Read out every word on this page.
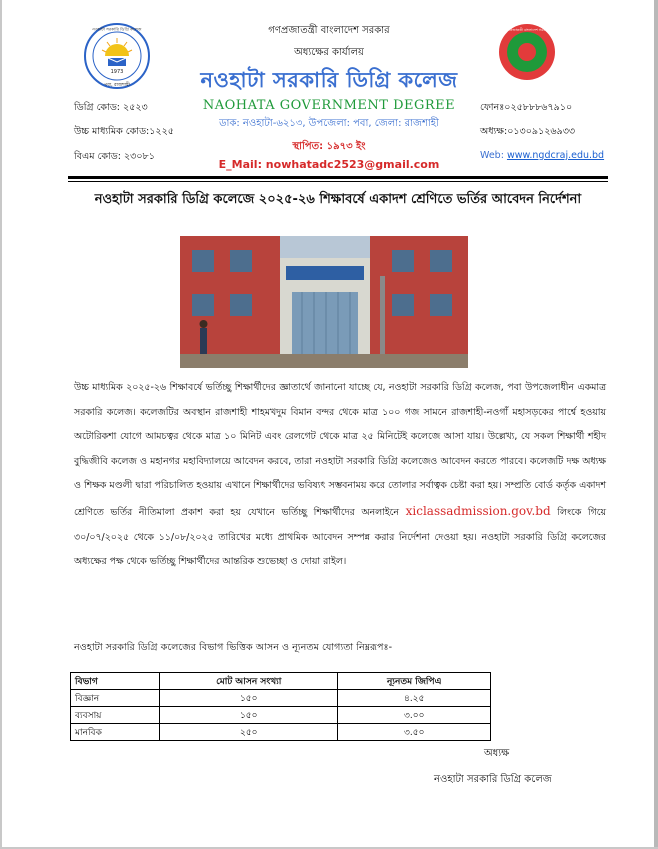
1973
নওহাটা সরকারি ডিগ্রি কলেজ
পবা, রাজশাহী
গণপ্রজাতন্ত্রী বাংলাদেশ সরকার
গণপ্রজাতন্ত্রী বাংলাদেশ সরকার
অধ্যক্ষের কার্যালয়
নওহাটা সরকারি ডিগ্রি কলেজ
NAOHATA GOVERNMENT DEGREE
ডাক: নওহাটা-৬২১৩, উপজেলা: পবা, জেলা: রাজশাহী
স্থাপিত: ১৯৭৩ ইং
E_Mail: nowhatadc2523@gmail.com
ডিগ্রি কোড: ২৫২৩
উচ্চ মাধ্যমিক কোড:১২২৫
বিএম কোড: ২৩০৮১
ফোনঃ০২৫৮৮৮৬৭৯১০
অধ্যক্ষ:০১৩০৯১২৬৯৩৩
Web: www.ngdcraj.edu.bd
নওহাটা সরকারি ডিগ্রি কলেজে ২০২৫-২৬ শিক্ষাবর্ষে একাদশ শ্রেণিতে ভর্তির আবেদন নির্দেশনা
উচ্চ মাধ্যমিক ২০২৫-২৬ শিক্ষাবর্ষে ভর্তিচ্ছু শিক্ষার্থীদের জ্ঞাতার্থে জানানো যাচ্ছে যে, নওহাটা সরকারি ডিগ্রি কলেজ, পবা উপজেলাধীন একমাত্র সরকারি কলেজ। কলেজটির অবস্থান রাজশাহী শাহমখদুম বিমান বন্দর থেকে মাত্র ১০০ গজ সামনে রাজশাহী-নওগাঁ মহাসড়কের পার্শ্বে হওয়ায় অটোরিকশা যোগে আমচত্বর থেকে মাত্র ১০ মিনিট এবং রেলগেট থেকে মাত্র ২৫ মিনিটেই কলেজে আসা যায়। উল্লেখ্য, যে সকল শিক্ষার্থী শহীদ বুদ্ধিজীবি কলেজ ও মহানগর মহাবিদ্যালয়ে আবেদন করবে, তারা নওহাটা সরকারি ডিগ্রি কলেজেও আবেদন করতে পারবে। কলেজটি দক্ষ অধ্যক্ষ ও শিক্ষক মণ্ডলী দ্বারা পরিচালিত হওয়ায় এখানে শিক্ষার্থীদের ভবিষ্যৎ সম্ভবনাময় করে তোলার সর্বাত্বক চেষ্টা করা হয়। সম্প্রতি বোর্ড কর্তৃক একাদশ শ্রেণিতে ভর্তির নীতিমালা প্রকাশ করা হয় যেখানে ভর্তিচ্ছু শিক্ষার্থীদের অনলাইনে xiclassadmission.gov.bd লিংকে গিয়ে ৩০/০৭/২০২৫ থেকে ১১/০৮/২০২৫ তারিখের মধ্যে প্রাথমিক আবেদন সম্পন্ন করার নির্দেশনা দেওয়া হয়। নওহাটা সরকারি ডিগ্রি কলেজের অধ্যক্ষের পক্ষ থেকে ভর্তিচ্ছু শিক্ষার্থীদের আন্তরিক শুভেচ্ছা ও দোয়া রাইল।
নওহাটা সরকারি ডিগ্রি কলেজের বিভাগ ভিত্তিক আসন ও ন্যূনতম যোগ্যতা নিম্নরূপঃ-
বিভাগ	মোট আসন সংখ্যা	ন্যূনতম জিপিএ
বিজ্ঞান	১৫০	৪.২৫
ব্যবসায়	১৫০	৩.০০
মানবিক	২৫০	৩.৫০
অধ্যক্ষ
নওহাটা সরকারি ডিগ্রি কলেজ
